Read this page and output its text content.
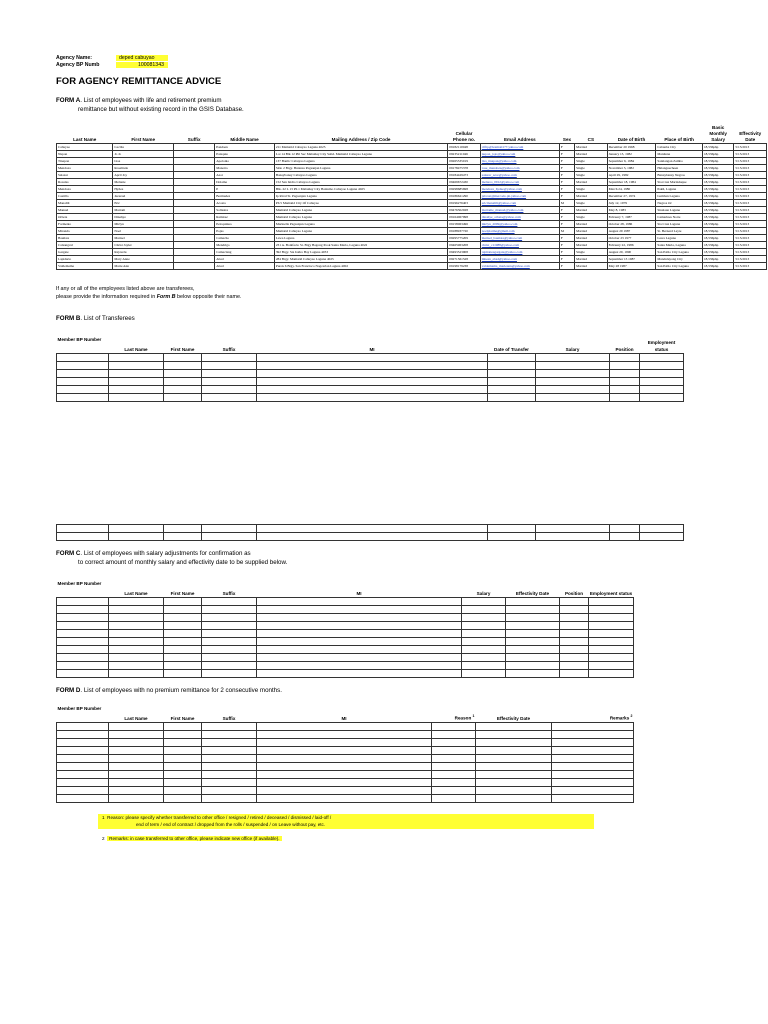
Agency Name:	deped cabuyao
Agency BP Numb	100081343
FOR AGENCY REMITTANCE ADVICE
FORM A. List of employees with life and retirement premium
remittance but without existing record in the GSIS Database.
Last Name	First Name	Suffix	Middle Name	Mailing Address / Zip Code	Cellular Phone no.	Email Address	Sex	CS	Date of Birth	Place of Birth	Basic Monthly Salary	Effectivity Date
Cabuyao	Cecilia		Pandaan	211 Mamatid Cabuyao Laguna 4025	09182110048	ciflip@hotmail177.yahoo.com	F	Married	December 20 1968	Cabanba City	18,536php	5/15/2013
Nupon	Jo Jo		Palaquio	Lot 14 Blk 12 Phl Sec Mabuhay City Subd. Mamatid Cabuyao Laguna	09235211046	nupon_jojo@yahoo.com	F	Married	January 13, 1982	Manilena	18,536php	5/15/2013
Tinapon	Lisa		Apolonio	137 Banlic Cabuyao Laguna	09265535019	lisa_tinapon@yahoo.com	F	Single	September 6, 1984	Santiangan Zambo	18,536php	5/15/2013
Mendoza	Rosalinda		Manotta	Sitio 2 Brgy. Butanas Pagsanjan Laguna	09178475378	rose_mendoza@yahoo.com	F	Single	November 3, 1982	Halanguecheen	18,536php	5/15/2013
Salazar	April Joy		Azor	Banaybanay Cabuyao Laguna	09184429473	salazar_azor@yahoo.com	F	Single	April 29, 1982	Banaybanay Negros	18,536php	5/15/2013
Rosales	Melanie		Dolama	152 San Isidro Cabuyao Laguna	09469672430	melaros_0912@yahoo.com	F	Married	September 18, 1984	Sta.Cruz Marinduque	18,536php	5/15/2013
Mendoza	Hydee		P	Blk. 22 L 13 Ph 1 Mabuhay City Banlamo Cabuyao Laguna 4025	09298685698	mendoza_hydee@yahoo.com	F	Single	March 24, 1980	Pakil, Laguna	18,536php	5/15/2013
Castillo	Jezerael		Bermudez	Ip Rical St. Pagsanjan Laguna	09186621290	jebcast@mercado.ph.yahoo.com	F	Married	December 27, 1974	Lumban Laguna	18,536php	5/15/2013
Manalili	Eric		Acosta	Ph 5 Mamatid City Of Cabuyao	09196276403	ericmanalili@yahoo.com	M	Single	July 12, 1979	Negros Oc	18,536php	5/15/2013
Manuel	Mariam		Sollestre	Mamatid Cabuyao Laguna	09476302028	mariame_manuel@yahoo.com	F	Married	May 8, 1983	Sinalaan Laguna	18,536php	5/15/2013
Orbeta	Dinahye		Ramirez	Mamatid Cabuyao Laguna	09164067998	dinahye_orbeta@yahoo.com	F	Single	February 7, 1987	Camarines Norte	18,536php	5/15/2013
Formento	Mirlyn		Peloquinua	Marinella Pagsanjan Laguna	09158063496	mirlyn_2009@yahoo.com	F	Married	October 28, 1986	Sta Cruz Laguna	18,536php	5/15/2013
Miranda	Noel		Pojas	Mamatid Cabuyao Laguna	09188937720	noelplarma@gmail.com	M	Married	August 29 1987	St. Bernard Leyte	18,536php	5/15/2013
Bautista	Marisel		Camacho	Lawa Laguna	09295775209	marisel_bautista@yahoo.com	F	Married	October 23 1977	Lawa Laguna	18,536php	5/15/2013
Calsangcal	Christ Joyler		Mendrigo	231 A. Bonifacio St. Brgy Bagong Pook Santa Maria, Laguna 4022	09465963208	christ_c11988@yahoo.com	F	Married	February 22, 1986	Santa Maria, Laguna	18,536php	5/15/2013
Gargate	Rajavelu		Camaclang	392 Brgy. Sta Isidro Bay Laguna 4033	09493523908	rajmatteagargate@yahoo.com	F	Single	August 20, 1990	San Pablo City Laguna	18,536php	5/15/2013
Lapidario	Mary Anne		Abad	284 Brgy. Mamatid Cabuyao Laguna 4025	09271561528	mhean_abad@yahoo.com	F	Married	September 13 1987	Mandaluyong City	18,536php	5/15/2013
Valdemama	Marie Ann		Abad	Purok 6 Brgy. San Francisco Nagcarlan Laguna 4002	09198179238	valdemama_marieann@yahoo.com	F	Married	May 28 1987	San Pablo City Laguna	18,536php	5/15/2013
If any or all of the employees listed above are transferees,
please provide the information required in Form B below opposite their name.
FORM B. List of Transferees
Member BP Number	Last Name	First Name	Suffix	MI	Date of Transfer	Salary	Position	Employment status

FORM C. List of employees with salary adjustments for confirmation as
to correct amount of monthly salary and effectivity date to be supplied below.
Member BP Number	Last Name	First Name	Suffix	MI	Salary	Effectivity Date	Position	Employment status

FORM D. List of employees with no premium remittance for 2 consecutive months.
Member BP Number	Last Name	First Name	Suffix	MI	Reason $^1$	Effectivity Date	Remarks $^2$

1 Reason: please specify whether transferred to other office / resigned / retired / deceased / dismissed / laid-off /
end of term / end of contract / dropped from the rolls / suspended / on Leave without pay, etc.
2 Remarks: in case transferred to other office, please indicate new office (if available).
